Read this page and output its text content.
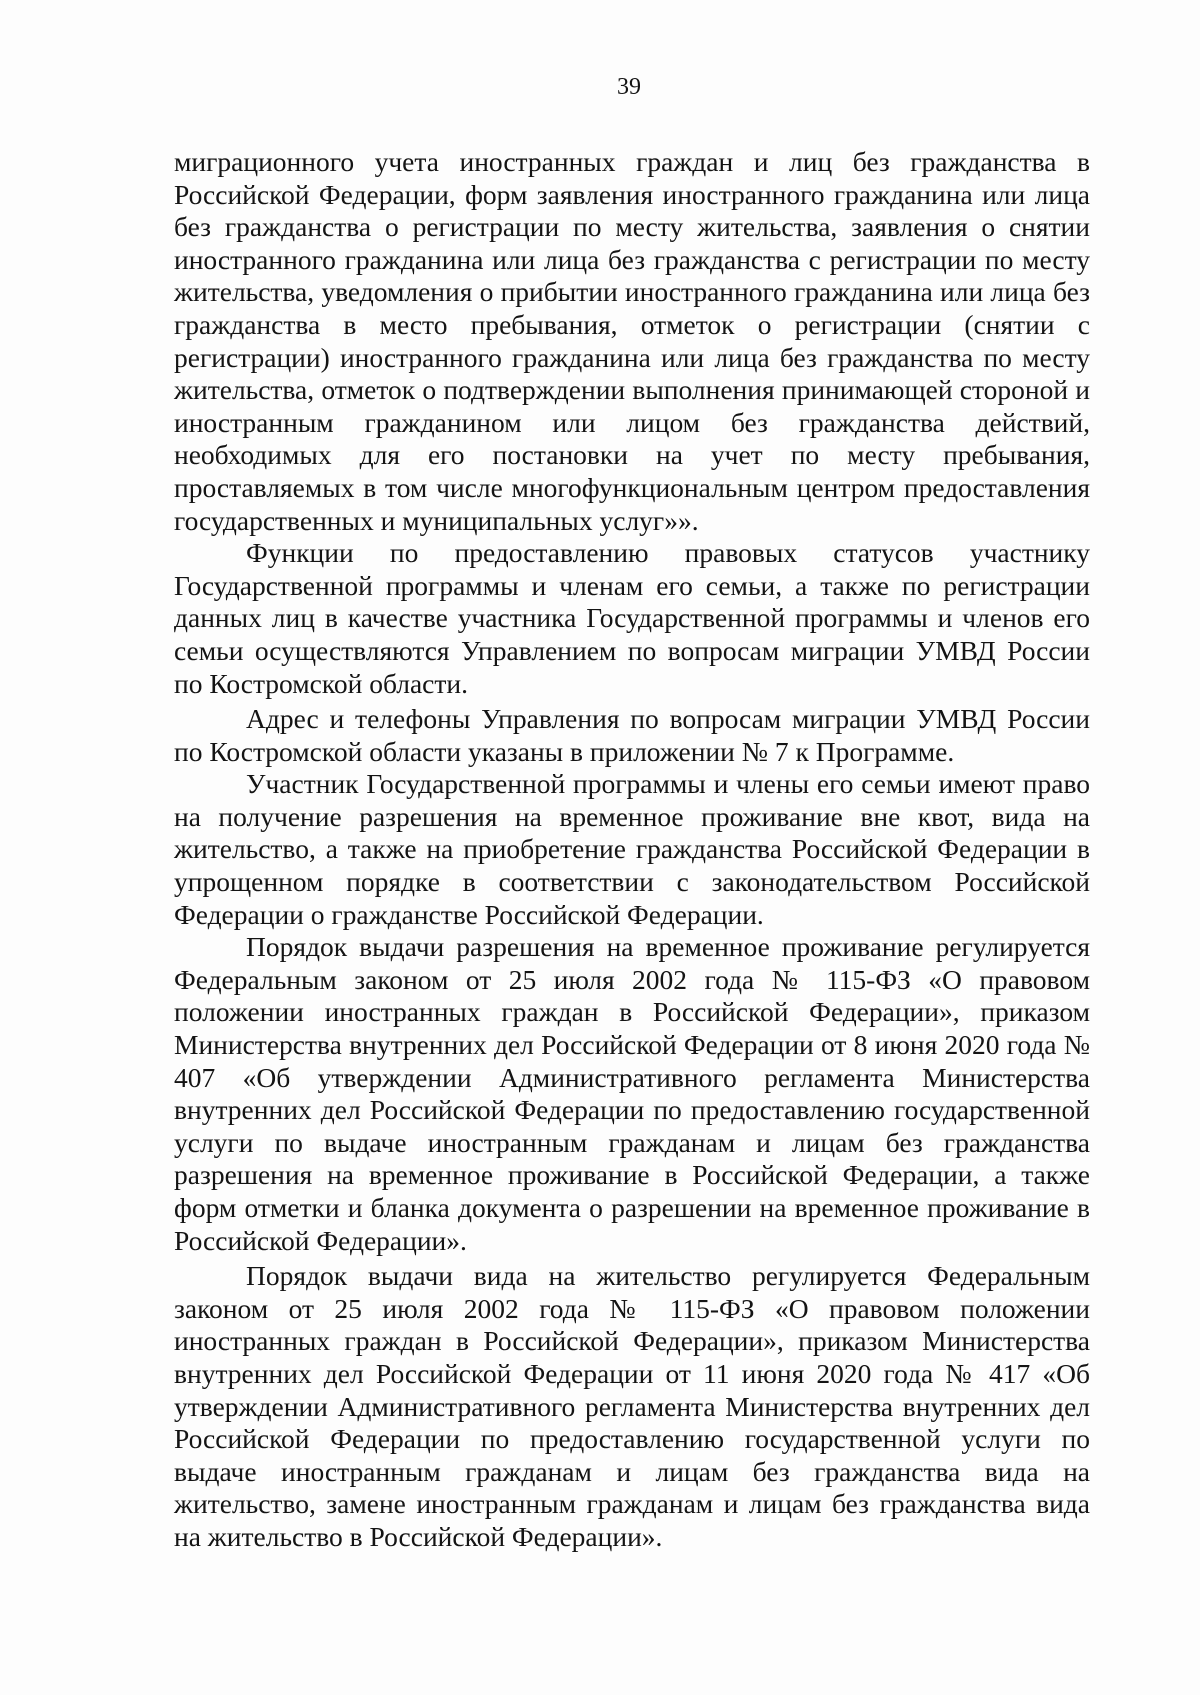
39

миграционного учета иностранных граждан и лиц без гражданства в Российской Федерации, форм заявления иностранного гражданина или лица без гражданства о регистрации по месту жительства, заявления о снятии иностранного гражданина или лица без гражданства с регистрации по месту жительства, уведомления о прибытии иностранного гражданина или лица без гражданства в место пребывания, отметок о регистрации (снятии с регистрации) иностранного гражданина или лица без гражданства по месту жительства, отметок о подтверждении выполнения принимающей стороной и иностранным гражданином или лицом без гражданства действий, необходимых для его постановки на учет по месту пребывания, проставляемых в том числе многофункциональным центром предоставления государственных и муниципальных услуг»».

Функции по предоставлению правовых статусов участнику Государственной программы и членам его семьи, а также по регистрации данных лиц в качестве участника Государственной программы и членов его семьи осуществляются Управлением по вопросам миграции УМВД России по Костромской области.

Адрес и телефоны Управления по вопросам миграции УМВД России по Костромской области указаны в приложении № 7 к Программе.

Участник Государственной программы и члены его семьи имеют право на получение разрешения на временное проживание вне квот, вида на жительство, а также на приобретение гражданства Российской Федерации в упрощенном порядке в соответствии с законодательством Российской Федерации о гражданстве Российской Федерации.

Порядок выдачи разрешения на временное проживание регулируется Федеральным законом от 25 июля 2002 года № 115-ФЗ «О правовом положении иностранных граждан в Российской Федерации», приказом Министерства внутренних дел Российской Федерации от 8 июня 2020 года № 407 «Об утверждении Административного регламента Министерства внутренних дел Российской Федерации по предоставлению государственной услуги по выдаче иностранным гражданам и лицам без гражданства разрешения на временное проживание в Российской Федерации, а также форм отметки и бланка документа о разрешении на временное проживание в Российской Федерации».

Порядок выдачи вида на жительство регулируется Федеральным законом от 25 июля 2002 года № 115-ФЗ «О правовом положении иностранных граждан в Российской Федерации», приказом Министерства внутренних дел Российской Федерации от 11 июня 2020 года № 417 «Об утверждении Административного регламента Министерства внутренних дел Российской Федерации по предоставлению государственной услуги по выдаче иностранным гражданам и лицам без гражданства вида на жительство, замене иностранным гражданам и лицам без гражданства вида на жительство в Российской Федерации».
